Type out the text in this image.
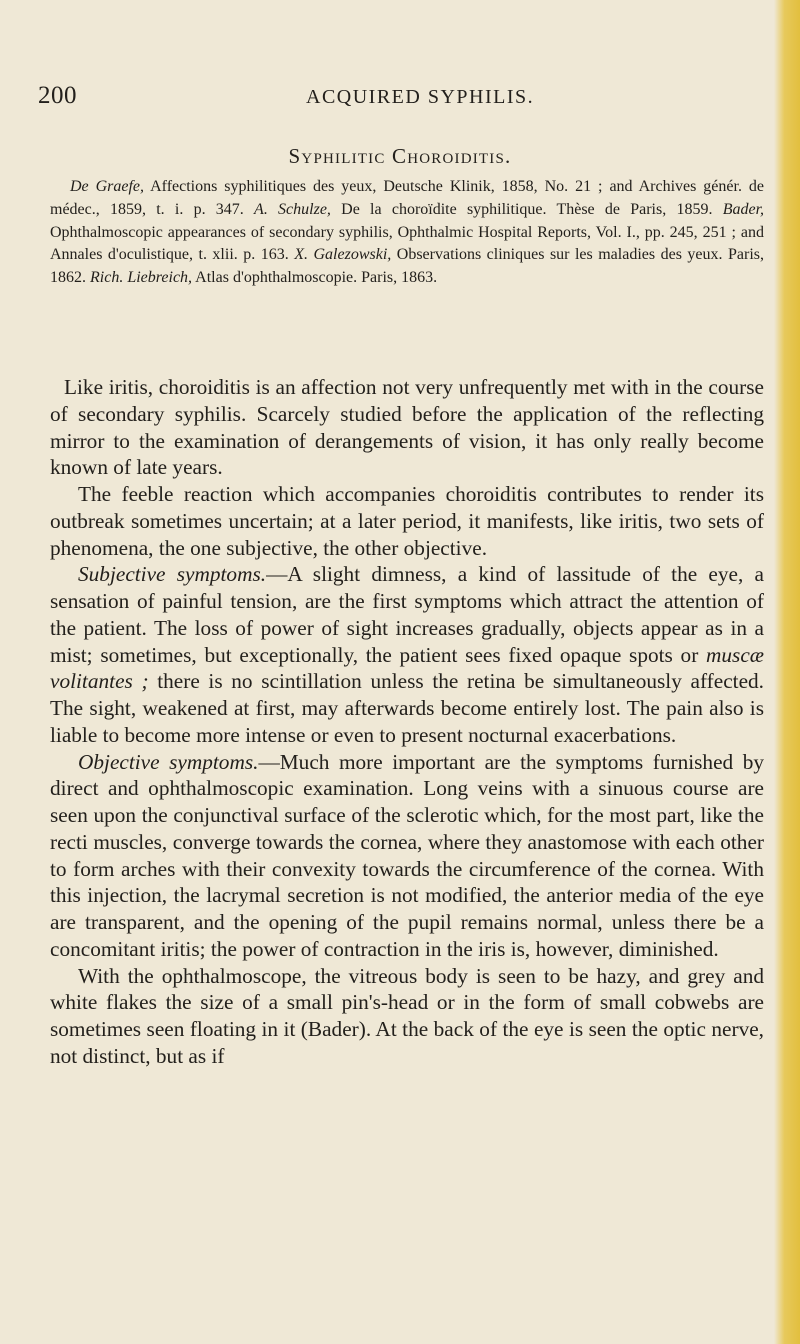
200	ACQUIRED SYPHILIS.
Syphilitic Choroiditis.

De Graefe, Affections syphilitiques des yeux, Deutsche Klinik, 1858, No. 21 ; and Archives génér. de médec., 1859, t. i. p. 347. A. Schulze, De la choroïdite syphilitique. Thèse de Paris, 1859. Bader, Ophthalmoscopic appearances of secondary syphilis, Ophthalmic Hospital Reports, Vol. I., pp. 245, 251 ; and Annales d'oculistique, t. xlii. p. 163. X. Galezowski, Observations cliniques sur les maladies des yeux. Paris, 1862. Rich. Liebreich, Atlas d'ophthalmoscopie. Paris, 1863.

Like iritis, choroiditis is an affection not very unfrequently met with in the course of secondary syphilis. Scarcely studied before the application of the reflecting mirror to the examination of derangements of vision, it has only really become known of late years.

The feeble reaction which accompanies choroiditis contributes to render its outbreak sometimes uncertain; at a later period, it manifests, like iritis, two sets of phenomena, the one subjective, the other objective.

Subjective symptoms.—A slight dimness, a kind of lassitude of the eye, a sensation of painful tension, are the first symptoms which attract the attention of the patient. The loss of power of sight increases gradually, objects appear as in a mist; sometimes, but exceptionally, the patient sees fixed opaque spots or muscæ volitantes ; there is no scintillation unless the retina be simultaneously affected. The sight, weakened at first, may afterwards become entirely lost. The pain also is liable to become more intense or even to present nocturnal exacerbations.

Objective symptoms.—Much more important are the symptoms furnished by direct and ophthalmoscopic examination. Long veins with a sinuous course are seen upon the conjunctival surface of the sclerotic which, for the most part, like the recti muscles, converge towards the cornea, where they anastomose with each other to form arches with their convexity towards the circumference of the cornea. With this injection, the lacrymal secretion is not modified, the anterior media of the eye are transparent, and the opening of the pupil remains normal, unless there be a concomitant iritis; the power of contraction in the iris is, however, diminished.

With the ophthalmoscope, the vitreous body is seen to be hazy, and grey and white flakes the size of a small pin's-head or in the form of small cobwebs are sometimes seen floating in it (Bader). At the back of the eye is seen the optic nerve, not distinct, but as if
